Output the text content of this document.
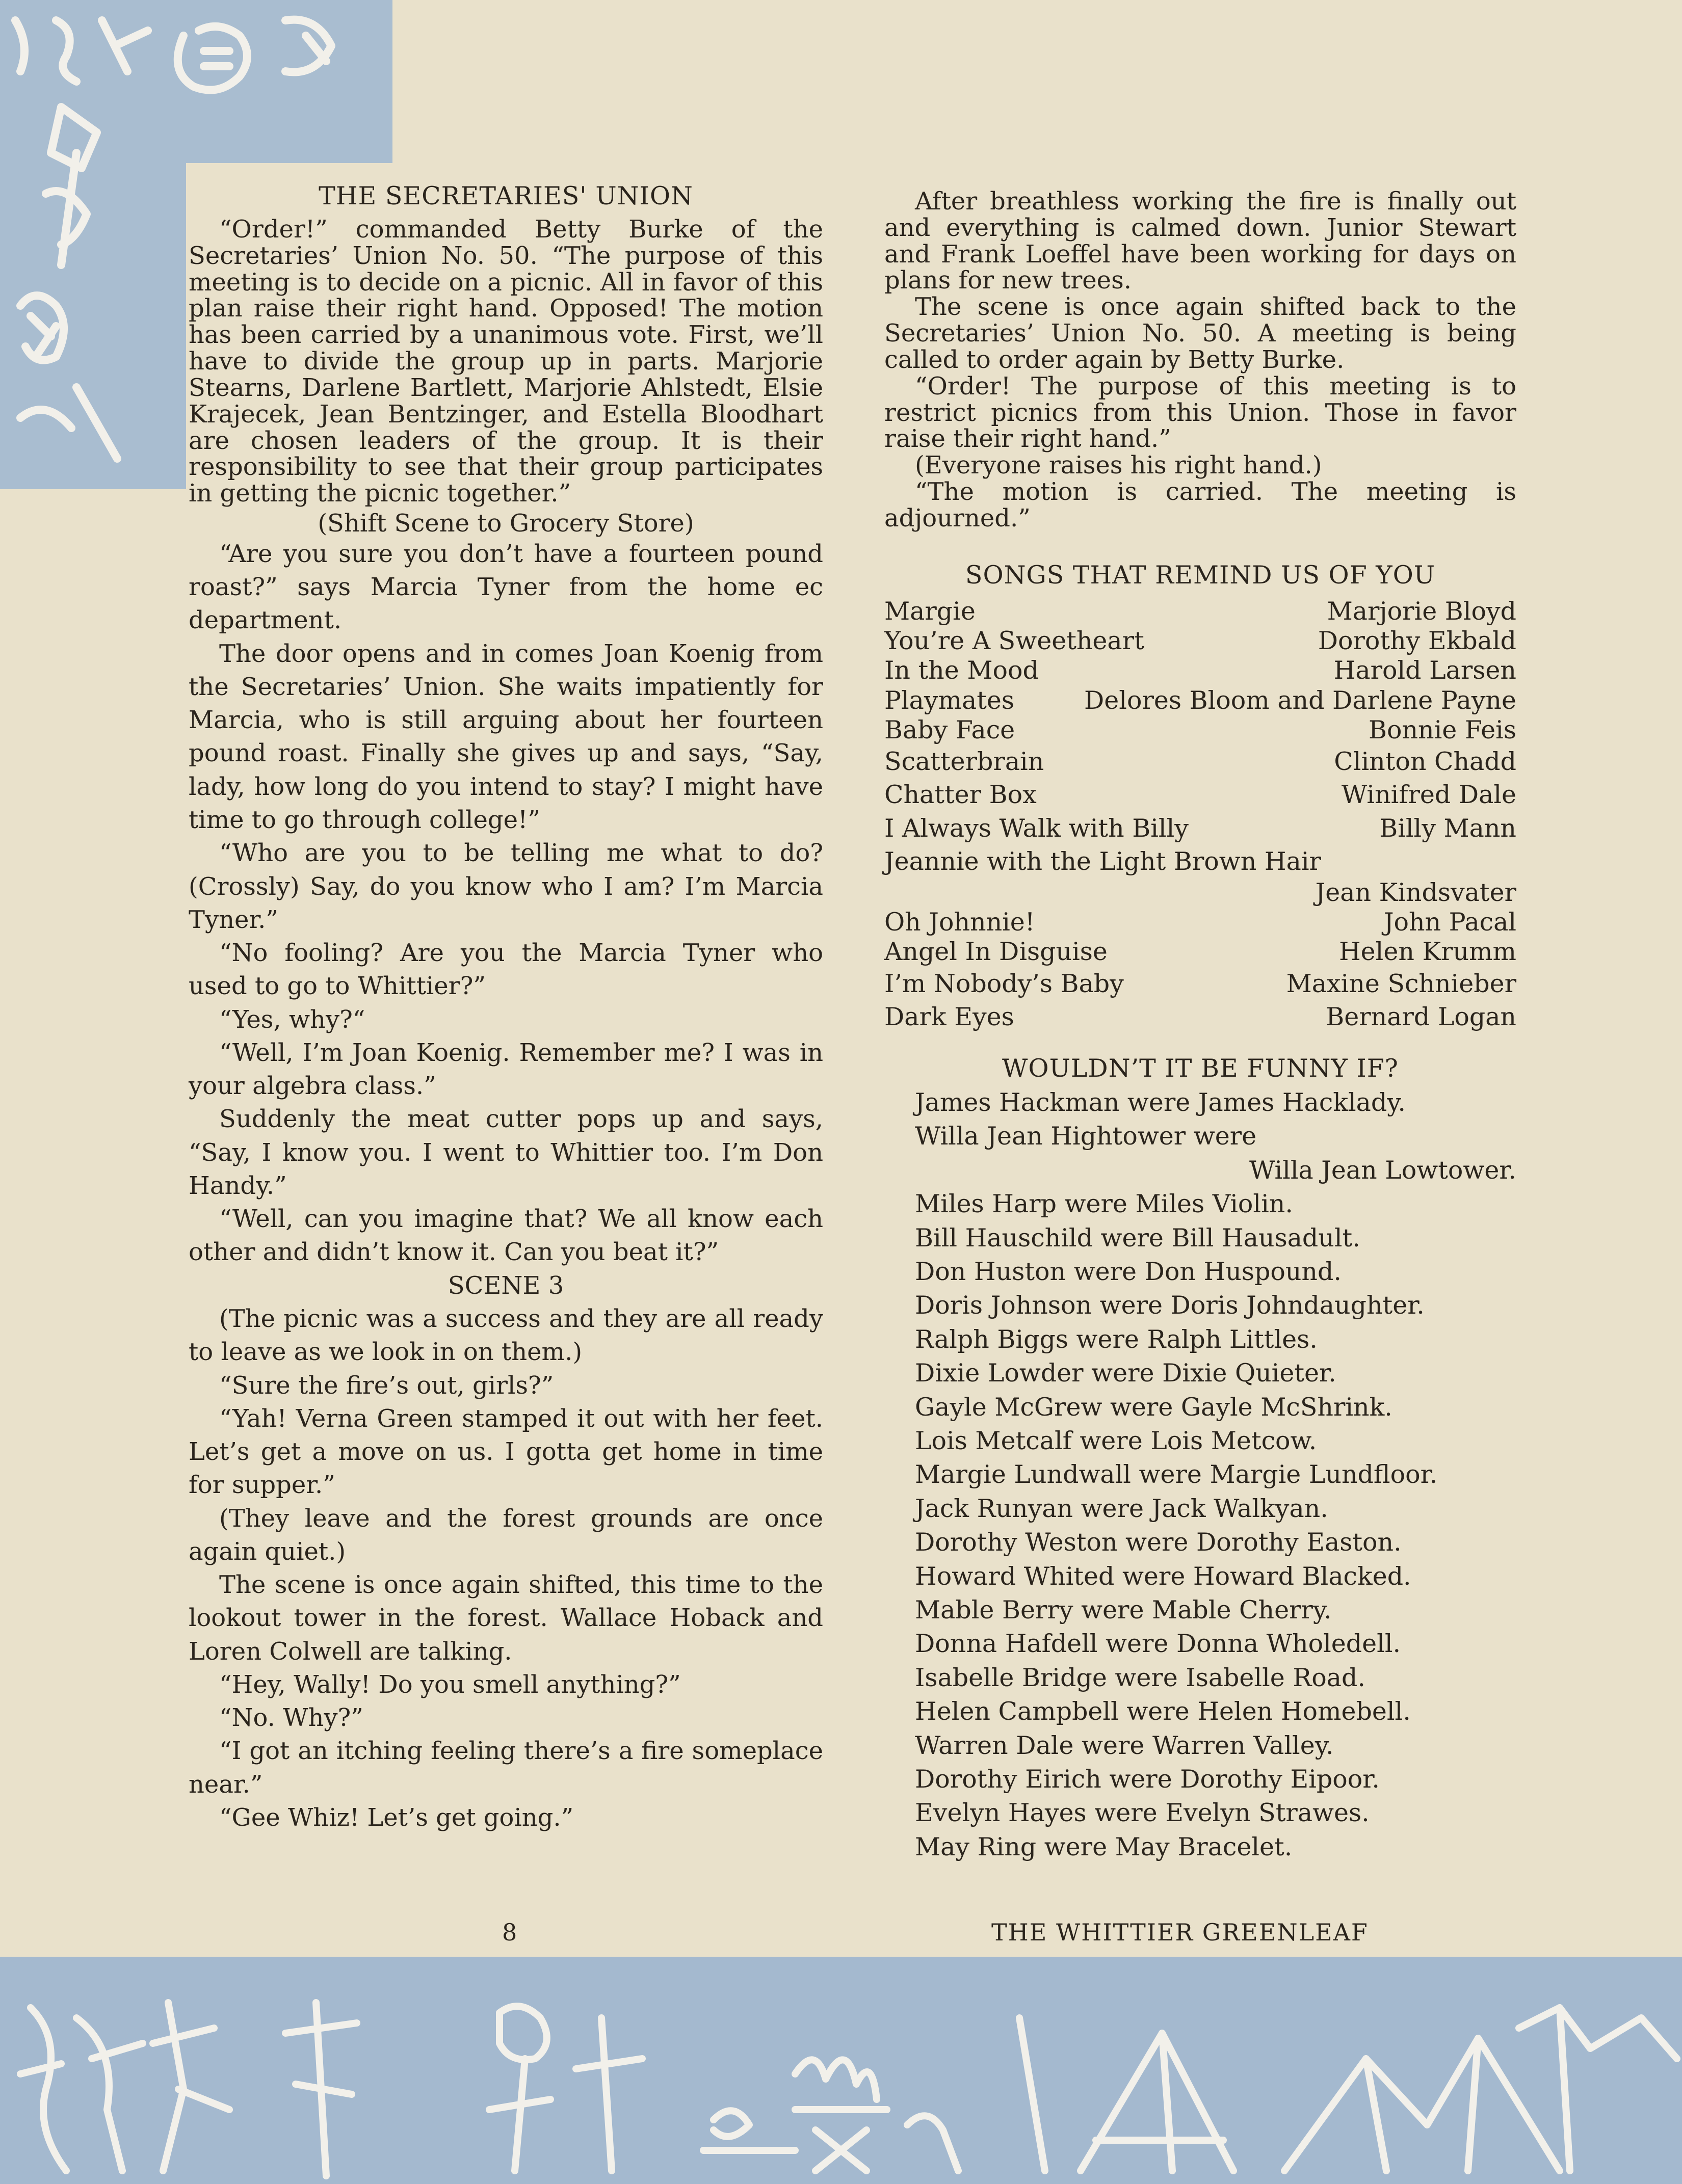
THE SECRETARIES' UNION

“Order!” commanded Betty Burke of the Secretaries’ Union No. 50. “The purpose of this meeting is to decide on a picnic. All in favor of this plan raise their right hand. Opposed! The motion has been carried by a unanimous vote. First, we’ll have to divide the group up in parts. Marjorie Stearns, Darlene Bartlett, Marjorie Ahlstedt, Elsie Krajecek, Jean Bentzinger, and Estella Bloodhart are chosen leaders of the group. It is their responsibility to see that their group participates in getting the picnic together.”

(Shift Scene to Grocery Store)

“Are you sure you don’t have a fourteen pound roast?” says Marcia Tyner from the home ec department.

The door opens and in comes Joan Koenig from the Secretaries’ Union. She waits impatiently for Marcia, who is still arguing about her fourteen pound roast. Finally she gives up and says, “Say, lady, how long do you intend to stay? I might have time to go through college!”

“Who are you to be telling me what to do? (Crossly) Say, do you know who I am? I’m Marcia Tyner.”

“No fooling? Are you the Marcia Tyner who used to go to Whittier?”

“Yes, why?“

“Well, I’m Joan Koenig. Remember me? I was in your algebra class.”

Suddenly the meat cutter pops up and says, “Say, I know you. I went to Whittier too. I’m Don Handy.”

“Well, can you imagine that? We all know each other and didn’t know it. Can you beat it?”

SCENE 3

(The picnic was a success and they are all ready to leave as we look in on them.)

“Sure the fire’s out, girls?”

“Yah! Verna Green stamped it out with her feet. Let’s get a move on us. I gotta get home in time for supper.”

(They leave and the forest grounds are once again quiet.)

The scene is once again shifted, this time to the lookout tower in the forest. Wallace Hoback and Loren Colwell are talking.

“Hey, Wally! Do you smell anything?”

“No. Why?”

“I got an itching feeling there’s a fire someplace near.”

“Gee Whiz! Let’s get going.”

After breathless working the fire is finally out and everything is calmed down. Junior Stewart and Frank Loeffel have been working for days on plans for new trees.

The scene is once again shifted back to the Secretaries’ Union No. 50. A meeting is being called to order again by Betty Burke.

“Order! The purpose of this meeting is to restrict picnics from this Union. Those in favor raise their right hand.”

(Everyone raises his right hand.)

“The motion is carried. The meeting is adjourned.”

SONGS THAT REMIND US OF YOU
Margie	Marjorie Bloyd
You’re A Sweetheart	Dorothy Ekbald
In the Mood	Harold Larsen
Playmates	Delores Bloom and Darlene Payne
Baby Face	Bonnie Feis
Scatterbrain	Clinton Chadd
Chatter Box	Winifred Dale
I Always Walk with Billy	Billy Mann
Jeannie with the Light Brown Hair
Jean Kindsvater
Oh Johnnie!	John Pacal
Angel In Disguise	Helen Krumm
I’m Nobody’s Baby	Maxine Schnieber
Dark Eyes	Bernard Logan
WOULDN’T IT BE FUNNY IF?
James Hackman were James Hacklady.
Willa Jean Hightower were
Willa Jean Lowtower.
Miles Harp were Miles Violin.
Bill Hauschild were Bill Hausadult.
Don Huston were Don Huspound.
Doris Johnson were Doris Johndaughter.
Ralph Biggs were Ralph Littles.
Dixie Lowder were Dixie Quieter.
Gayle McGrew were Gayle McShrink.
Lois Metcalf were Lois Metcow.
Margie Lundwall were Margie Lundfloor.
Jack Runyan were Jack Walkyan.
Dorothy Weston were Dorothy Easton.
Howard Whited were Howard Blacked.
Mable Berry were Mable Cherry.
Donna Hafdell were Donna Wholedell.
Isabelle Bridge were Isabelle Road.
Helen Campbell were Helen Homebell.
Warren Dale were Warren Valley.
Dorothy Eirich were Dorothy Eipoor.
Evelyn Hayes were Evelyn Strawes.
May Ring were May Bracelet.
8	THE WHITTIER GREENLEAF
